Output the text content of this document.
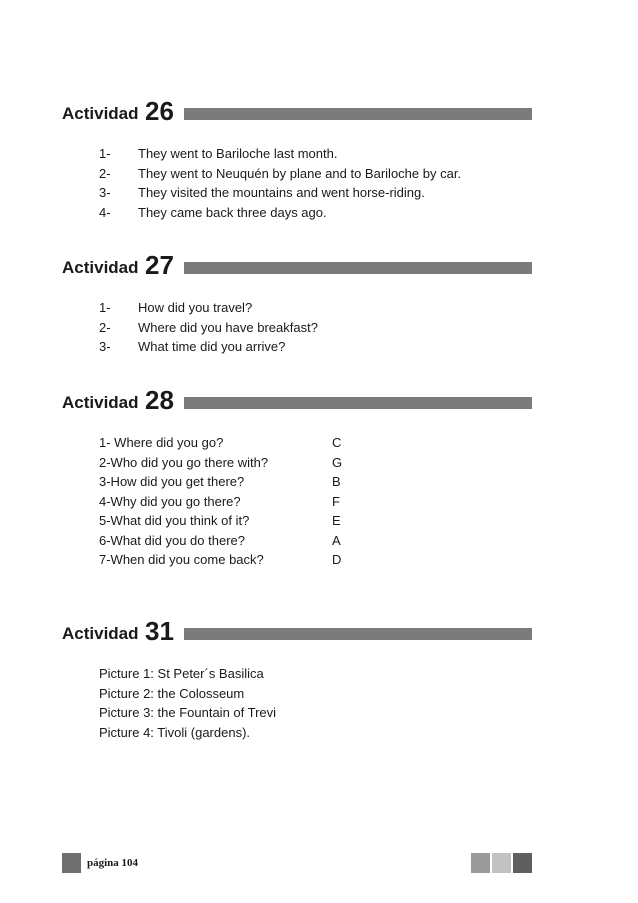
Actividad 26
1- They went to Bariloche last month.
2- They went to Neuquén by plane and to Bariloche by car.
3- They visited the mountains and went horse-riding.
4- They came back three days ago.
Actividad 27
1- How did you travel?
2- Where did you have breakfast?
3- What time did you arrive?
Actividad 28
1- Where did you go?	C
2-Who did you go there with?	G
3-How did you get there?	B
4-Why did you go there?	F
5-What did you think of it?	E
6-What did you do there?	A
7-When did you come back?	D
Actividad 31
Picture 1: St Peter´s Basilica
Picture 2: the Colosseum
Picture 3: the Fountain of Trevi
Picture 4: Tivoli (gardens).
página 104
